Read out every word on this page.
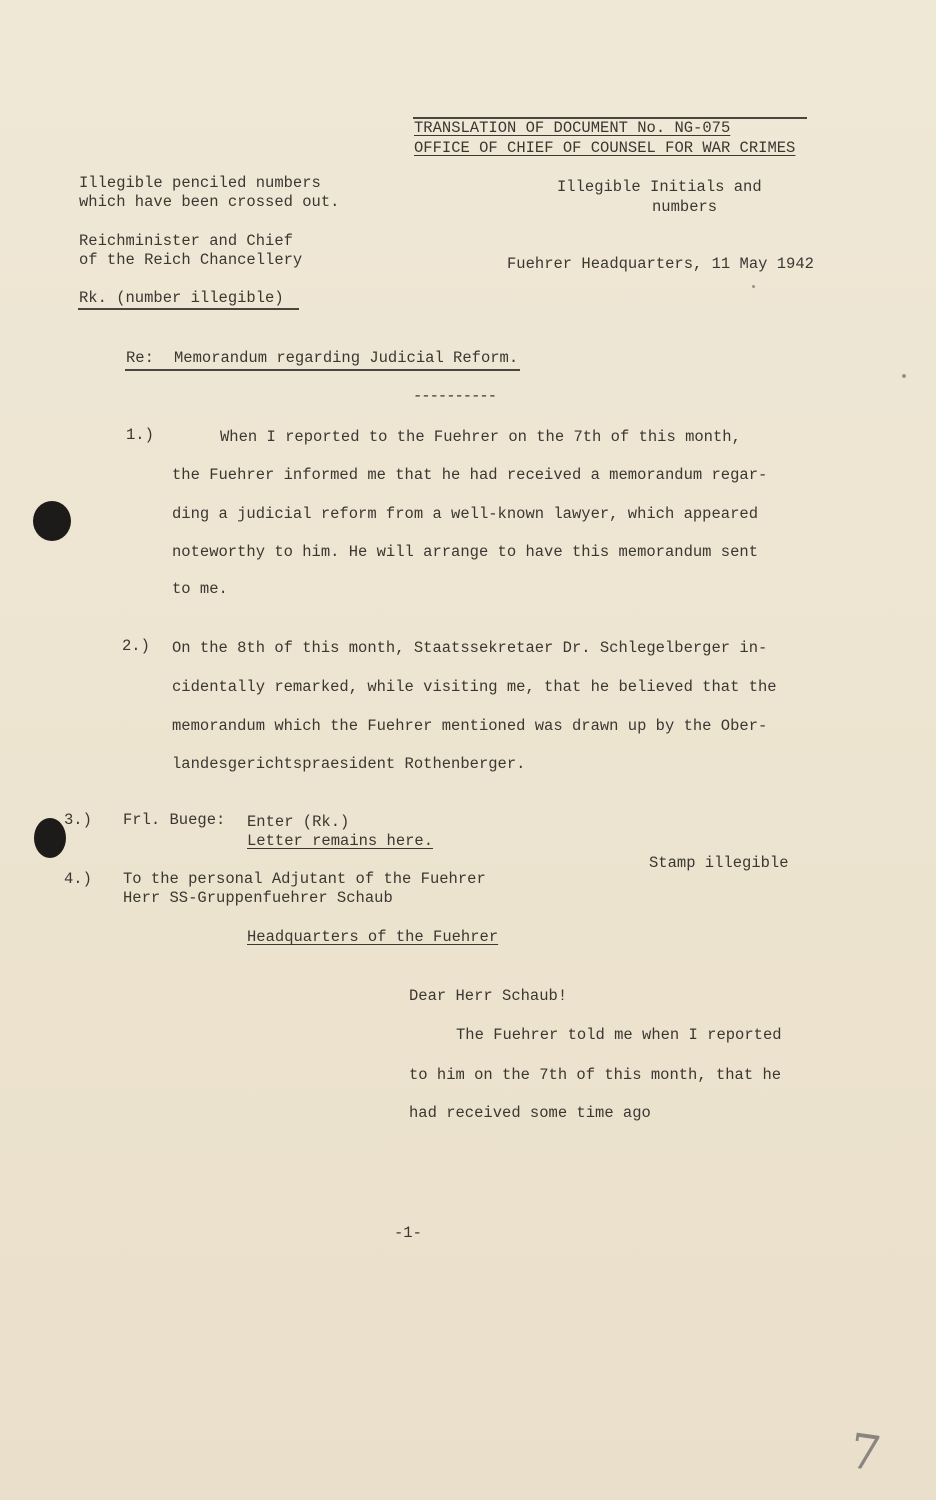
TRANSLATION OF DOCUMENT No. NG-075
OFFICE OF CHIEF OF COUNSEL FOR WAR CRIMES
Illegible penciled numbers
which have been crossed out.
Reichminister and Chief
of the Reich Chancellery
Rk. (number illegible)
Illegible Initials and
numbers
Fuehrer Headquarters, 11 May 1942
Re: Memorandum regarding Judicial Reform.
----------
1.)	When I reported to the Fuehrer on the 7th of this month,
the Fuehrer informed me that he had received a memorandum regar-
ding a judicial reform from a well-known lawyer, which appeared
noteworthy to him. He will arrange to have this memorandum sent
to me.
2.) On the 8th of this month, Staatssekretaer Dr. Schlegelberger in-
cidentally remarked, while visiting me, that he believed that the
memorandum which the Fuehrer mentioned was drawn up by the Ober-
landesgerichtspraesident Rothenberger.
3.) Frl. Buege: Enter (Rk.)
Letter remains here.
Stamp illegible
4.) To the personal Adjutant of the Fuehrer
Herr SS-Gruppenfuehrer Schaub
Headquarters of the Fuehrer
Dear Herr Schaub!
The Fuehrer told me when I reported
to him on the 7th of this month, that he
had received some time ago
-1-
7
